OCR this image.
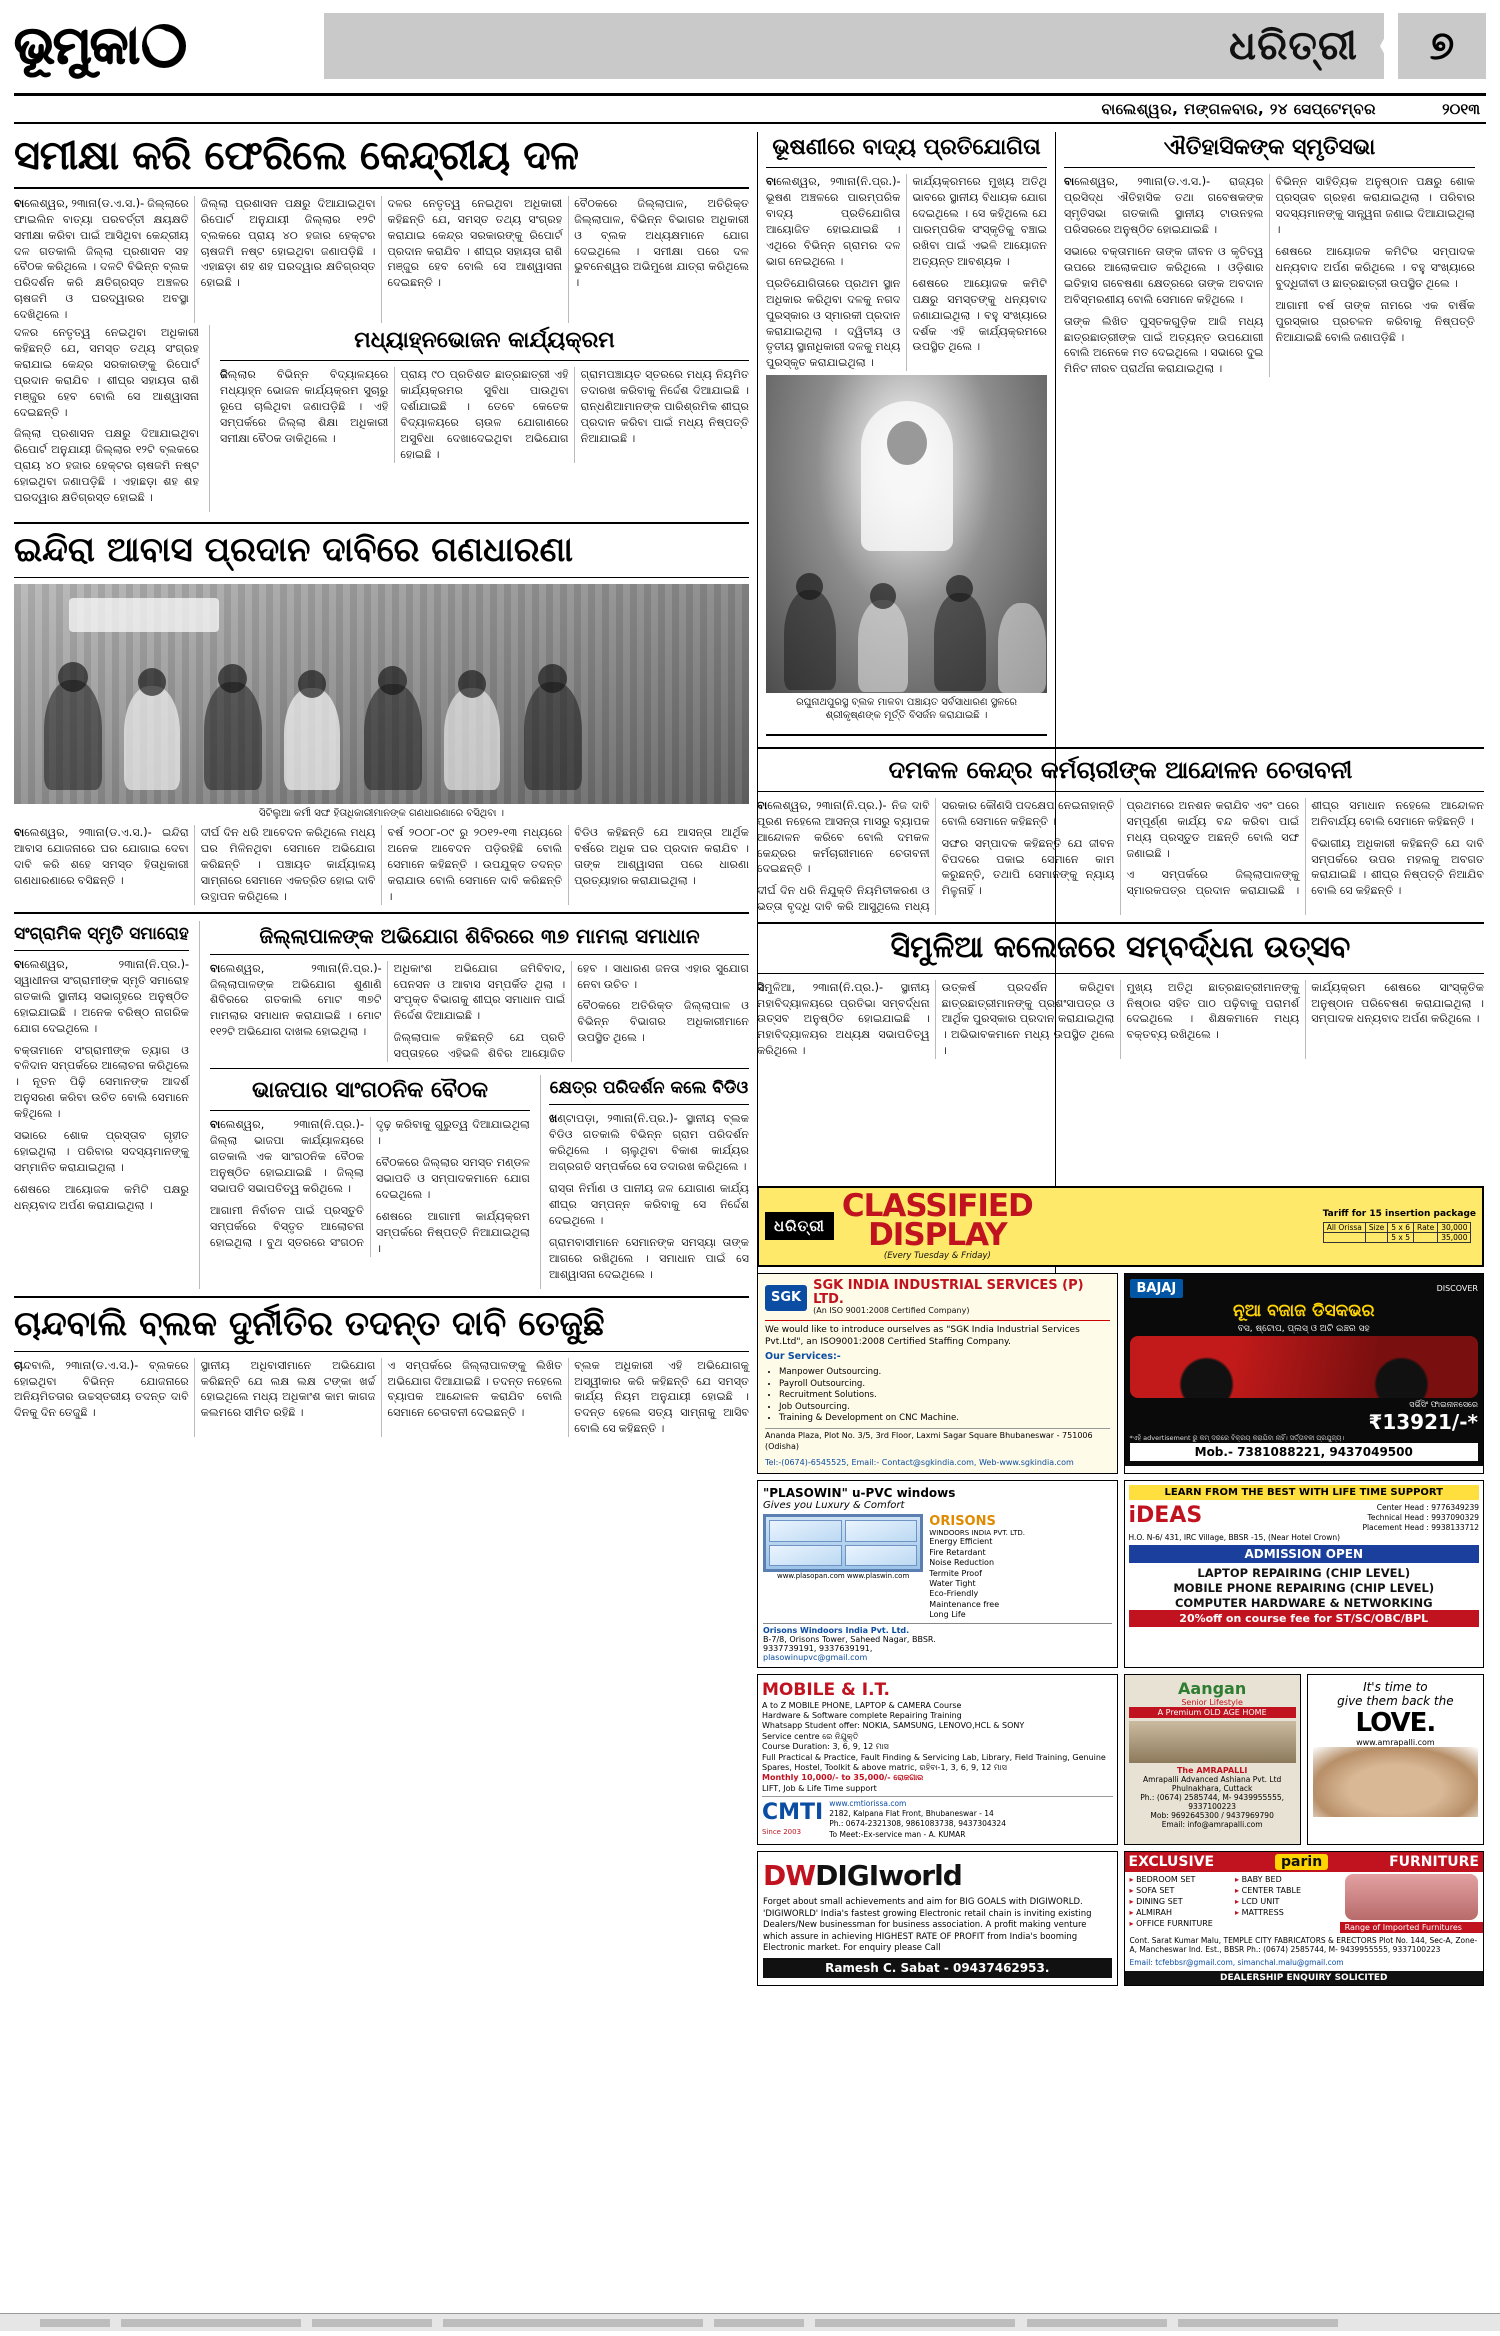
ଭୂମୁକା	ଧରିତ୍ରୀ ୭
ବାଲେଶ୍ୱର, ମଙ୍ଗଳବାର, ୨୪ ସେପ୍ଟେମ୍ବର	୨୦୧୩
ସମୀକ୍ଷା କରି ଫେରିଲେ କେନ୍ଦ୍ରୀୟ ଦଳ

ବାଲେଶ୍ୱର, ୨୩ାନା(ଡ.ଏ.ସ.)- ଜିଲ୍ଲାରେ ଫାଇଲିନ ବାତ୍ୟା ପରବର୍ତ୍ତୀ କ୍ଷୟକ୍ଷତି ସମୀକ୍ଷା କରିବା ପାଇଁ ଆସିଥିବା କେନ୍ଦ୍ରୀୟ ଦଳ ଗତକାଲି ଜିଲ୍ଲା ପ୍ରଶାସନ ସହ ବୈଠକ କରିଥିଲେ । ଦଳଟି ବିଭିନ୍ନ ବ୍ଲକ ପରିଦର୍ଶନ କରି କ୍ଷତିଗ୍ରସ୍ତ ଅଞ୍ଚଳର ଚାଷଜମି ଓ ଘରଦ୍ୱାରର ଅବସ୍ଥା ଦେଖିଥିଲେ ।

ଜିଲ୍ଲା ପ୍ରଶାସନ ପକ୍ଷରୁ ଦିଆଯାଇଥିବା ରିପୋର୍ଟ ଅନୁଯାୟୀ ଜିଲ୍ଲାର ୧୨ଟି ବ୍ଲକରେ ପ୍ରାୟ ୪୦ ହଜାର ହେକ୍ଟର ଚାଷଜମି ନଷ୍ଟ ହୋଇଥିବା ଜଣାପଡ଼ିଛି । ଏହାଛଡ଼ା ଶହ ଶହ ଘରଦ୍ୱାର କ୍ଷତିଗ୍ରସ୍ତ ହୋଇଛି ।

ଦଳର ନେତୃତ୍ୱ ନେଇଥିବା ଅଧିକାରୀ କହିଛନ୍ତି ଯେ, ସମସ୍ତ ତଥ୍ୟ ସଂଗ୍ରହ କରାଯାଇ କେନ୍ଦ୍ର ସରକାରଙ୍କୁ ରିପୋର୍ଟ ପ୍ରଦାନ କରାଯିବ । ଶୀଘ୍ର ସହାୟତା ରାଶି ମଞ୍ଜୁର ହେବ ବୋଲି ସେ ଆଶ୍ୱାସନା ଦେଇଛନ୍ତି ।

ବୈଠକରେ ଜିଲ୍ଲାପାଳ, ଅତିରିକ୍ତ ଜିଲ୍ଲାପାଳ, ବିଭିନ୍ନ ବିଭାଗର ଅଧିକାରୀ ଓ ବ୍ଲକ ଅଧ୍ୟକ୍ଷମାନେ ଯୋଗ ଦେଇଥିଲେ । ସମୀକ୍ଷା ପରେ ଦଳ ଭୁବନେଶ୍ୱର ଅଭିମୁଖେ ଯାତ୍ରା କରିଥିଲେ ।

ଦଳର ନେତୃତ୍ୱ ନେଇଥିବା ଅଧିକାରୀ କହିଛନ୍ତି ଯେ, ସମସ୍ତ ତଥ୍ୟ ସଂଗ୍ରହ କରାଯାଇ କେନ୍ଦ୍ର ସରକାରଙ୍କୁ ରିପୋର୍ଟ ପ୍ରଦାନ କରାଯିବ । ଶୀଘ୍ର ସହାୟତା ରାଶି ମଞ୍ଜୁର ହେବ ବୋଲି ସେ ଆଶ୍ୱାସନା ଦେଇଛନ୍ତି ।

ଜିଲ୍ଲା ପ୍ରଶାସନ ପକ୍ଷରୁ ଦିଆଯାଇଥିବା ରିପୋର୍ଟ ଅନୁଯାୟୀ ଜିଲ୍ଲାର ୧୨ଟି ବ୍ଲକରେ ପ୍ରାୟ ୪୦ ହଜାର ହେକ୍ଟର ଚାଷଜମି ନଷ୍ଟ ହୋଇଥିବା ଜଣାପଡ଼ିଛି । ଏହାଛଡ଼ା ଶହ ଶହ ଘରଦ୍ୱାର କ୍ଷତିଗ୍ରସ୍ତ ହୋଇଛି ।

ମଧ୍ୟାହ୍ନଭୋଜନ କାର୍ଯ୍ୟକ୍ରମ

ଜିଲ୍ଲାର ବିଭିନ୍ନ ବିଦ୍ୟାଳୟରେ ମଧ୍ୟାହ୍ନ ଭୋଜନ କାର୍ଯ୍ୟକ୍ରମ ସୁଚାରୁ ରୂପେ ଚାଲିଥିବା ଜଣାପଡ଼ିଛି । ଏହି ସମ୍ପର୍କରେ ଜିଲ୍ଲା ଶିକ୍ଷା ଅଧିକାରୀ ସମୀକ୍ଷା ବୈଠକ ଡାକିଥିଲେ ।

ପ୍ରାୟ ୯୦ ପ୍ରତିଶତ ଛାତ୍ରଛାତ୍ରୀ ଏହି କାର୍ଯ୍ୟକ୍ରମର ସୁବିଧା ପାଉଥିବା ଦର୍ଶାଯାଇଛି । ତେବେ କେତେକ ବିଦ୍ୟାଳୟରେ ଚାଉଳ ଯୋଗାଣରେ ଅସୁବିଧା ଦେଖାଦେଇଥିବା ଅଭିଯୋଗ ହୋଇଛି ।

ଗ୍ରାମପଞ୍ଚାୟତ ସ୍ତରରେ ମଧ୍ୟ ନିୟମିତ ତଦାରଖ କରିବାକୁ ନିର୍ଦ୍ଦେଶ ଦିଆଯାଇଛି । ରାନ୍ଧଣିଆମାନଙ୍କ ପାରିଶ୍ରମିକ ଶୀଘ୍ର ପ୍ରଦାନ କରିବା ପାଇଁ ମଧ୍ୟ ନିଷ୍ପତ୍ତି ନିଆଯାଇଛି ।

ଇନ୍ଦିରା ଆବାସ ପ୍ରଦାନ ଦାବିରେ ଗଣଧାରଣା
ସିଟିଲୁଆ କର୍ମୀ ସଙ୍ଘ ହିତାଧିକାରୀମାନଙ୍କ ଗଣଧାରଣାରେ ବସିଥିବା ।

ବାଲେଶ୍ୱର, ୨୩ାନା(ଡ.ଏ.ସ.)- ଇନ୍ଦିରା ଆବାସ ଯୋଜନାରେ ଘର ଯୋଗାଇ ଦେବା ଦାବି କରି ଶହେ ସମସ୍ତ ହିତାଧିକାରୀ ଗଣଧାରଣାରେ ବସିଛନ୍ତି ।

ଦୀର୍ଘ ଦିନ ଧରି ଆବେଦନ କରିଥିଲେ ମଧ୍ୟ ଘର ମିଳିନଥିବା ସେମାନେ ଅଭିଯୋଗ କରିଛନ୍ତି । ପଞ୍ଚାୟତ କାର୍ଯ୍ୟାଳୟ ସାମ୍ନାରେ ସେମାନେ ଏକତ୍ରିତ ହୋଇ ଦାବି ଉତ୍ଥାପନ କରିଥିଲେ ।

ବର୍ଷ ୨୦୦୮-୦୯ ରୁ ୨୦୧୨-୧୩ ମଧ୍ୟରେ ଅନେକ ଆବେଦନ ପଡ଼ିରହିଛି ବୋଲି ସେମାନେ କହିଛନ୍ତି । ଉପଯୁକ୍ତ ତଦନ୍ତ କରାଯାଉ ବୋଲି ସେମାନେ ଦାବି କରିଛନ୍ତି ।

ବିଡିଓ କହିଛନ୍ତି ଯେ ଆସନ୍ତା ଆର୍ଥିକ ବର୍ଷରେ ଅଧିକ ଘର ପ୍ରଦାନ କରାଯିବ । ତାଙ୍କ ଆଶ୍ୱାସନା ପରେ ଧାରଣା ପ୍ରତ୍ୟାହାର କରାଯାଇଥିଲା ।

ସଂଗ୍ରାମିକ ସ୍ମୃତି ସମାରୋହ

ବାଲେଶ୍ୱର, ୨୩ାନା(ନି.ପ୍ର.)- ସ୍ୱାଧୀନତା ସଂଗ୍ରାମୀଙ୍କ ସ୍ମୃତି ସମାରୋହ ଗତକାଲି ସ୍ଥାନୀୟ ସଭାଗୃହରେ ଅନୁଷ୍ଠିତ ହୋଇଯାଇଛି । ଅନେକ ବରିଷ୍ଠ ନାଗରିକ ଯୋଗ ଦେଇଥିଲେ ।

ବକ୍ତାମାନେ ସଂଗ୍ରାମୀଙ୍କ ତ୍ୟାଗ ଓ ବଳିଦାନ ସମ୍ପର୍କରେ ଆଲୋଚନା କରିଥିଲେ । ନୂତନ ପିଢ଼ି ସେମାନଙ୍କ ଆଦର୍ଶ ଅନୁସରଣ କରିବା ଉଚିତ ବୋଲି ସେମାନେ କହିଥିଲେ ।

ସଭାରେ ଶୋକ ପ୍ରସ୍ତାବ ଗୃହୀତ ହୋଇଥିଲା । ପରିବାର ସଦସ୍ୟମାନଙ୍କୁ ସମ୍ମାନିତ କରାଯାଇଥିଲା ।

ଶେଷରେ ଆୟୋଜକ କମିଟି ପକ୍ଷରୁ ଧନ୍ୟବାଦ ଅର୍ପଣ କରାଯାଇଥିଲା ।

ଜିଲ୍ଲାପାଳଙ୍କ ଅଭିଯୋଗ ଶିବିରରେ ୩୭ ମାମଲା ସମାଧାନ

ବାଲେଶ୍ୱର, ୨୩ାନା(ନି.ପ୍ର.)- ଜିଲ୍ଲାପାଳଙ୍କ ଅଭିଯୋଗ ଶୁଣାଣି ଶିବିରରେ ଗତକାଲି ମୋଟ ୩୭ଟି ମାମଲାର ସମାଧାନ କରାଯାଇଛି । ମୋଟ ୧୧୨ଟି ଅଭିଯୋଗ ଦାଖଲ ହୋଇଥିଲା ।

ଅଧିକାଂଶ ଅଭିଯୋଗ ଜମିବିବାଦ, ପେନସନ ଓ ଆବାସ ସମ୍ପର୍କିତ ଥିଲା । ସଂପୃକ୍ତ ବିଭାଗକୁ ଶୀଘ୍ର ସମାଧାନ ପାଇଁ ନିର୍ଦ୍ଦେଶ ଦିଆଯାଇଛି ।

ଜିଲ୍ଲାପାଳ କହିଛନ୍ତି ଯେ ପ୍ରତି ସପ୍ତାହରେ ଏହିଭଳି ଶିବିର ଆୟୋଜିତ ହେବ । ସାଧାରଣ ଜନତା ଏହାର ସୁଯୋଗ ନେବା ଉଚିତ ।

ବୈଠକରେ ଅତିରିକ୍ତ ଜିଲ୍ଲାପାଳ ଓ ବିଭିନ୍ନ ବିଭାଗର ଅଧିକାରୀମାନେ ଉପସ୍ଥିତ ଥିଲେ ।

ଭାଜପାର ସାଂଗଠନିକ ବୈଠକ

ବାଲେଶ୍ୱର, ୨୩ାନା(ନି.ପ୍ର.)- ଜିଲ୍ଲା ଭାଜପା କାର୍ଯ୍ୟାଳୟରେ ଗତକାଲି ଏକ ସାଂଗଠନିକ ବୈଠକ ଅନୁଷ୍ଠିତ ହୋଇଯାଇଛି । ଜିଲ୍ଲା ସଭାପତି ସଭାପତିତ୍ୱ କରିଥିଲେ ।

ଆଗାମୀ ନିର୍ବାଚନ ପାଇଁ ପ୍ରସ୍ତୁତି ସମ୍ପର୍କରେ ବିସ୍ତୃତ ଆଲୋଚନା ହୋଇଥିଲା । ବୁଥ ସ୍ତରରେ ସଂଗଠନ ଦୃଢ଼ କରିବାକୁ ଗୁରୁତ୍ୱ ଦିଆଯାଇଥିଲା ।

ବୈଠକରେ ଜିଲ୍ଲାର ସମସ୍ତ ମଣ୍ଡଳ ସଭାପତି ଓ ସମ୍ପାଦକମାନେ ଯୋଗ ଦେଇଥିଲେ ।

ଶେଷରେ ଆଗାମୀ କାର୍ଯ୍ୟକ୍ରମ ସମ୍ପର୍କରେ ନିଷ୍ପତ୍ତି ନିଆଯାଇଥିଲା ।

କ୍ଷେତ୍ର ପରିଦର୍ଶନ କଲେ ବିଡିଓ

ଖଣ୍ଟାପଡ଼ା, ୨୩ାନା(ନି.ପ୍ର.)- ସ୍ଥାନୀୟ ବ୍ଲକ ବିଡିଓ ଗତକାଲି ବିଭିନ୍ନ ଗ୍ରାମ ପରିଦର୍ଶନ କରିଥିଲେ । ଚାଲୁଥିବା ବିକାଶ କାର୍ଯ୍ୟର ଅଗ୍ରଗତି ସମ୍ପର୍କରେ ସେ ତଦାରଖ କରିଥିଲେ ।

ରାସ୍ତା ନିର୍ମାଣ ଓ ପାନୀୟ ଜଳ ଯୋଗାଣ କାର୍ଯ୍ୟ ଶୀଘ୍ର ସମ୍ପନ୍ନ କରିବାକୁ ସେ ନିର୍ଦ୍ଦେଶ ଦେଇଥିଲେ ।

ଗ୍ରାମବାସୀମାନେ ସେମାନଙ୍କ ସମସ୍ୟା ତାଙ୍କ ଆଗରେ ରଖିଥିଲେ । ସମାଧାନ ପାଇଁ ସେ ଆଶ୍ୱାସନା ଦେଇଥିଲେ ।

ଚାନ୍ଦବାଲି ବ୍ଲକ ଦୁର୍ନୀତିର ତଦନ୍ତ ଦାବି ତେଜୁଛି

ଚାନ୍ଦବାଲି, ୨୩ାନା(ଡ.ଏ.ସ.)- ବ୍ଲକରେ ହୋଇଥିବା ବିଭିନ୍ନ ଯୋଜନାରେ ଅନିୟମିତତାର ଉଚ୍ଚସ୍ତରୀୟ ତଦନ୍ତ ଦାବି ଦିନକୁ ଦିନ ତେଜୁଛି ।

ସ୍ଥାନୀୟ ଅଧିବାସୀମାନେ ଅଭିଯୋଗ କରିଛନ୍ତି ଯେ ଲକ୍ଷ ଲକ୍ଷ ଟଙ୍କା ଖର୍ଚ୍ଚ ହୋଇଥିଲେ ମଧ୍ୟ ଅଧିକାଂଶ କାମ କାଗଜ କଲମରେ ସୀମିତ ରହିଛି ।

ଏ ସମ୍ପର୍କରେ ଜିଲ୍ଲାପାଳଙ୍କୁ ଲିଖିତ ଅଭିଯୋଗ ଦିଆଯାଇଛି । ତଦନ୍ତ ନହେଲେ ବ୍ୟାପକ ଆନ୍ଦୋଳନ କରାଯିବ ବୋଲି ସେମାନେ ଚେତାବନୀ ଦେଇଛନ୍ତି ।

ବ୍ଲକ ଅଧିକାରୀ ଏହି ଅଭିଯୋଗକୁ ଅସ୍ୱୀକାର କରି କହିଛନ୍ତି ଯେ ସମସ୍ତ କାର୍ଯ୍ୟ ନିୟମ ଅନୁଯାୟୀ ହୋଇଛି । ତଦନ୍ତ ହେଲେ ସତ୍ୟ ସାମ୍ନାକୁ ଆସିବ ବୋଲି ସେ କହିଛନ୍ତି ।

ଭୂଷଣୀରେ ବାଦ୍ୟ ପ୍ରତିଯୋଗିତା

ବାଲେଶ୍ୱର, ୨୩ାନା(ନି.ପ୍ର.)- ଭୂଷଣ ଅଞ୍ଚଳରେ ପାରମ୍ପରିକ ବାଦ୍ୟ ପ୍ରତିଯୋଗିତା ଆୟୋଜିତ ହୋଇଯାଇଛି । ଏଥିରେ ବିଭିନ୍ନ ଗ୍ରାମର ଦଳ ଭାଗ ନେଇଥିଲେ ।

ପ୍ରତିଯୋଗିତାରେ ପ୍ରଥମ ସ୍ଥାନ ଅଧିକାର କରିଥିବା ଦଳକୁ ନଗଦ ପୁରସ୍କାର ଓ ସ୍ମାରକୀ ପ୍ରଦାନ କରାଯାଇଥିଲା । ଦ୍ୱିତୀୟ ଓ ତୃତୀୟ ସ୍ଥାନାଧିକାରୀ ଦଳକୁ ମଧ୍ୟ ପୁରସ୍କୃତ କରାଯାଇଥିଲା ।

କାର୍ଯ୍ୟକ୍ରମରେ ମୁଖ୍ୟ ଅତିଥି ଭାବରେ ସ୍ଥାନୀୟ ବିଧାୟକ ଯୋଗ ଦେଇଥିଲେ । ସେ କହିଥିଲେ ଯେ ପାରମ୍ପରିକ ସଂସ୍କୃତିକୁ ବଞ୍ଚାଇ ରଖିବା ପାଇଁ ଏଭଳି ଆୟୋଜନ ଅତ୍ୟନ୍ତ ଆବଶ୍ୟକ ।

ଶେଷରେ ଆୟୋଜକ କମିଟି ପକ୍ଷରୁ ସମସ୍ତଙ୍କୁ ଧନ୍ୟବାଦ ଜଣାଯାଇଥିଲା । ବହୁ ସଂଖ୍ୟାରେ ଦର୍ଶକ ଏହି କାର୍ଯ୍ୟକ୍ରମରେ ଉପସ୍ଥିତ ଥିଲେ ।

ରଘୁନାଥପୁରସ୍ଥ ବ୍ଲକ ମାଳବା ପଞ୍ଚାୟତ ସର୍ବସାଧାରଣ ସ୍ଥଳରେ ଶ୍ରୀକୃଷ୍ଣଙ୍କ ମୂର୍ତ୍ତି ବିସର୍ଜନ କରାଯାଇଛି ।
ଐତିହାସିକଙ୍କ ସ୍ମୃତିସଭା

ବାଲେଶ୍ୱର, ୨୩ାନା(ଡ.ଏ.ସ.)- ରାଜ୍ୟର ପ୍ରସିଦ୍ଧ ଐତିହାସିକ ତଥା ଗବେଷକଙ୍କ ସ୍ମୃତିସଭା ଗତକାଲି ସ୍ଥାନୀୟ ଟାଉନହଲ ପରିସରରେ ଅନୁଷ୍ଠିତ ହୋଇଯାଇଛି ।

ସଭାରେ ବକ୍ତାମାନେ ତାଙ୍କ ଜୀବନ ଓ କୃତିତ୍ୱ ଉପରେ ଆଲୋକପାତ କରିଥିଲେ । ଓଡ଼ିଶାର ଇତିହାସ ଗବେଷଣା କ୍ଷେତ୍ରରେ ତାଙ୍କ ଅବଦାନ ଅବିସ୍ମରଣୀୟ ବୋଲି ସେମାନେ କହିଥିଲେ ।

ତାଙ୍କ ଲିଖିତ ପୁସ୍ତକଗୁଡ଼ିକ ଆଜି ମଧ୍ୟ ଛାତ୍ରଛାତ୍ରୀଙ୍କ ପାଇଁ ଅତ୍ୟନ୍ତ ଉପଯୋଗୀ ବୋଲି ଅନେକେ ମତ ଦେଇଥିଲେ । ସଭାରେ ଦୁଇ ମିନିଟ ନୀରବ ପ୍ରାର୍ଥନା କରାଯାଇଥିଲା ।

ବିଭିନ୍ନ ସାହିତ୍ୟିକ ଅନୁଷ୍ଠାନ ପକ୍ଷରୁ ଶୋକ ପ୍ରସ୍ତାବ ଗ୍ରହଣ କରାଯାଇଥିଲା । ପରିବାର ସଦସ୍ୟମାନଙ୍କୁ ସାନ୍ତ୍ୱନା ଜଣାଇ ଦିଆଯାଇଥିଲା ।

ଶେଷରେ ଆୟୋଜକ କମିଟିର ସମ୍ପାଦକ ଧନ୍ୟବାଦ ଅର୍ପଣ କରିଥିଲେ । ବହୁ ସଂଖ୍ୟାରେ ବୁଦ୍ଧିଜୀବୀ ଓ ଛାତ୍ରଛାତ୍ରୀ ଉପସ୍ଥିତ ଥିଲେ ।

ଆଗାମୀ ବର୍ଷ ତାଙ୍କ ନାମରେ ଏକ ବାର୍ଷିକ ପୁରସ୍କାର ପ୍ରଚଳନ କରିବାକୁ ନିଷ୍ପତ୍ତି ନିଆଯାଇଛି ବୋଲି ଜଣାପଡ଼ିଛି ।

ଦମକଳ କେନ୍ଦ୍ର କର୍ମଚାରୀଙ୍କ ଆନ୍ଦୋଳନ ଚେତାବନୀ

ବାଲେଶ୍ୱର, ୨୩ାନା(ନି.ପ୍ର.)- ନିଜ ଦାବି ପୂରଣ ନହେଲେ ଆସନ୍ତା ମାସରୁ ବ୍ୟାପକ ଆନ୍ଦୋଳନ କରିବେ ବୋଲି ଦମକଳ କେନ୍ଦ୍ରର କର୍ମଚାରୀମାନେ ଚେତାବନୀ ଦେଇଛନ୍ତି ।

ଦୀର୍ଘ ଦିନ ଧରି ନିଯୁକ୍ତି ନିୟମିତୀକରଣ ଓ ଭତ୍ତା ବୃଦ୍ଧି ଦାବି କରି ଆସୁଥିଲେ ମଧ୍ୟ ସରକାର କୌଣସି ପଦକ୍ଷେପ ନେଇନାହାନ୍ତି ବୋଲି ସେମାନେ କହିଛନ୍ତି ।

ସଙ୍ଘର ସମ୍ପାଦକ କହିଛନ୍ତି ଯେ ଜୀବନ ବିପଦରେ ପକାଇ ସେମାନେ କାମ କରୁଛନ୍ତି, ତଥାପି ସେମାନଙ୍କୁ ନ୍ୟାୟ ମିଳୁନାହିଁ ।

ପ୍ରଥମରେ ଅନଶନ କରାଯିବ ଏବଂ ପରେ ସମ୍ପୂର୍ଣ୍ଣ କାର୍ଯ୍ୟ ବନ୍ଦ କରିବା ପାଇଁ ମଧ୍ୟ ପ୍ରସ୍ତୁତ ଅଛନ୍ତି ବୋଲି ସଙ୍ଘ ଜଣାଇଛି ।

ଏ ସମ୍ପର୍କରେ ଜିଲ୍ଲାପାଳଙ୍କୁ ସ୍ମାରକପତ୍ର ପ୍ରଦାନ କରାଯାଇଛି । ଶୀଘ୍ର ସମାଧାନ ନହେଲେ ଆନ୍ଦୋଳନ ଅନିବାର୍ଯ୍ୟ ବୋଲି ସେମାନେ କହିଛନ୍ତି ।

ବିଭାଗୀୟ ଅଧିକାରୀ କହିଛନ୍ତି ଯେ ଦାବି ସମ୍ପର୍କରେ ଉପର ମହଲକୁ ଅବଗତ କରାଯାଇଛି । ଶୀଘ୍ର ନିଷ୍ପତ୍ତି ନିଆଯିବ ବୋଲି ସେ କହିଛନ୍ତି ।

ସିମୁଳିଆ କଲେଜରେ ସମ୍ବର୍ଦ୍ଧନା ଉତ୍ସବ

ସିମୁଳିଆ, ୨୩ାନା(ନି.ପ୍ର.)- ସ୍ଥାନୀୟ ମହାବିଦ୍ୟାଳୟରେ ପ୍ରତିଭା ସମ୍ବର୍ଦ୍ଧନା ଉତ୍ସବ ଅନୁଷ୍ଠିତ ହୋଇଯାଇଛି । ମହାବିଦ୍ୟାଳୟର ଅଧ୍ୟକ୍ଷ ସଭାପତିତ୍ୱ କରିଥିଲେ ।

ଉତ୍କର୍ଷ ପ୍ରଦର୍ଶନ କରିଥିବା ଛାତ୍ରଛାତ୍ରୀମାନଙ୍କୁ ପ୍ରଶଂସାପତ୍ର ଓ ଆର୍ଥିକ ପୁରସ୍କାର ପ୍ରଦାନ କରାଯାଇଥିଲା । ଅଭିଭାବକମାନେ ମଧ୍ୟ ଉପସ୍ଥିତ ଥିଲେ ।

ମୁଖ୍ୟ ଅତିଥି ଛାତ୍ରଛାତ୍ରୀମାନଙ୍କୁ ନିଷ୍ଠାର ସହିତ ପାଠ ପଢ଼ିବାକୁ ପରାମର୍ଶ ଦେଇଥିଲେ । ଶିକ୍ଷକମାନେ ମଧ୍ୟ ବକ୍ତବ୍ୟ ରଖିଥିଲେ ।

କାର୍ଯ୍ୟକ୍ରମ ଶେଷରେ ସାଂସ୍କୃତିକ ଅନୁଷ୍ଠାନ ପରିବେଷଣ କରାଯାଇଥିଲା । ସମ୍ପାଦକ ଧନ୍ୟବାଦ ଅର୍ପଣ କରିଥିଲେ ।

ଧରିତ୍ରୀ
CLASSIFIED
DISPLAY
(Every Tuesday & Friday)
Tariff for 15 insertion package
All Orissa	Size	5 x 6	Rate	30,000
		5 x 5		35,000
SGK
SGK INDIA INDUSTRIAL SERVICES (P) LTD.
(An ISO 9001:2008 Certified Company)

We would like to introduce ourselves as "SGK India Industrial Services Pvt.Ltd", an ISO9001:2008 Certified Staffing Company.

Our Services:-
• Manpower Outsourcing.
• Payroll Outsourcing.
• Recruitment Solutions.
• Job Outsourcing.
• Training & Development on CNC Machine.
Ananda Plaza, Plot No. 3/5, 3rd Floor, Laxmi Sagar Square Bhubaneswar - 751006 (Odisha)
Tel:-(0674)-6545525, Email:- Contact@sgkindia.com, Web-www.sgkindia.com
BAJAJ	DISCOVER
ନୂଆ ବଜାଜ ଡିସକଭର
ବସ, ଷ୍ଟୋପ, ପ୍ଲସ୍ ଓ ଅଟି ଇଞ୍ଚର ସହ
ସର୍ଭିସିଂ ଫାଇନାନସେରେ
₹13921/-*
*ଏହି advertisement ରୁ କମ୍ ଦରରେ ବିକ୍ରୟ କରାଯିବା ନାହିଁ। ସର୍ତ୍ତାବଳୀ ପ୍ରଯୁଜ୍ୟ।
Mob.- 7381088221, 9437049500
"PLASOWIN" u-PVC windows
Gives you Luxury & Comfort
www.plasopan.com www.plaswin.com
ORISONS
WINDOORS INDIA PVT. LTD.
Energy Efficient
Fire Retardant
Noise Reduction
Termite Proof
Water Tight
Eco-Friendly
Maintenance free
Long Life
Orisons Windoors India Pvt. Ltd.
B-7/8, Orisons Tower, Saheed Nagar, BBSR.
9337739191, 9337639191,
plasowinupvc@gmail.com
LEARN FROM THE BEST WITH LIFE TIME SUPPORT
iDEAS	Center Head : 9776349239
Technical Head : 9937090329
Placement Head : 9938133712
H.O. N-6/ 431, IRC Village, BBSR -15, (Near Hotel Crown)
ADMISSION OPEN
LAPTOP REPAIRING (CHIP LEVEL)
MOBILE PHONE REPAIRING (CHIP LEVEL)
COMPUTER HARDWARE & NETWORKING
20%off on course fee for ST/SC/OBC/BPL
MOBILE & I.T.
A to Z MOBILE PHONE, LAPTOP & CAMERA Course
Hardware & Software complete Repairing Training
Whatsapp Student offer: NOKIA, SAMSUNG, LENOVO,HCL & SONY
Service centre ରେ ନିଯୁକ୍ତି
Course Duration: 3, 6, 9, 12 ମାସ
Full Practical & Practice, Fault Finding & Servicing Lab, Library, Field Training, Genuine Spares, Hostel, Toolkit & above matric, ରହିବା-1, 3, 6, 9, 12 ମାସ
Monthly 10,000/- to 35,000/- ରୋଜଗାର
LIFT, Job & Life Time support
CMTI
Since 2003
www.cmtiorissa.com
2182, Kalpana Flat Front, Bhubaneswar - 14
Ph.: 0674-2321308, 9861083738, 9437304324
To Meet:-Ex-service man - A. KUMAR
Aangan
Senior Lifestyle
A Premium OLD AGE HOME
The AMRAPALLI
Amrapalli Advanced Ashiana Pvt. Ltd
Phulnakhara, Cuttack
Ph.: (0674) 2585744, M- 9439955555, 9337100223
Mob: 9692645300 / 9437969790
Email: info@amrapalli.com
It's time to
give them back the
LOVE.
www.amrapalli.com
DWDIGIworld

Forget about small achievements and aim for BIG GOALS with DIGIWORLD. 'DIGIWORLD' India's fastest growing Electronic retail chain is inviting existing Dealers/New businessman for business association. A profit making venture which assure in achieving HIGHEST RATE OF PROFIT from India's booming Electronic market. For enquiry please Call

Ramesh C. Sabat - 09437462953.
EXCLUSIVE	parin	FURNITURE
▸ BEDROOM SET	▸ BABY BED
▸ SOFA SET	▸ CENTER TABLE
▸ DINING SET	▸ LCD UNIT
▸ ALMIRAH	▸ MATTRESS
▸ OFFICE FURNITURE	Range of Imported Furnitures
Cont. Sarat Kumar Malu, TEMPLE CITY FABRICATORS & ERECTORS Plot No. 144, Sec-A, Zone-A, Mancheswar Ind. Est., BBSR Ph.: (0674) 2585744, M- 9439955555, 9337100223
Email: tcfebbsr@gmail.com, simanchal.malu@gmail.com
DEALERSHIP ENQUIRY SOLICITED
